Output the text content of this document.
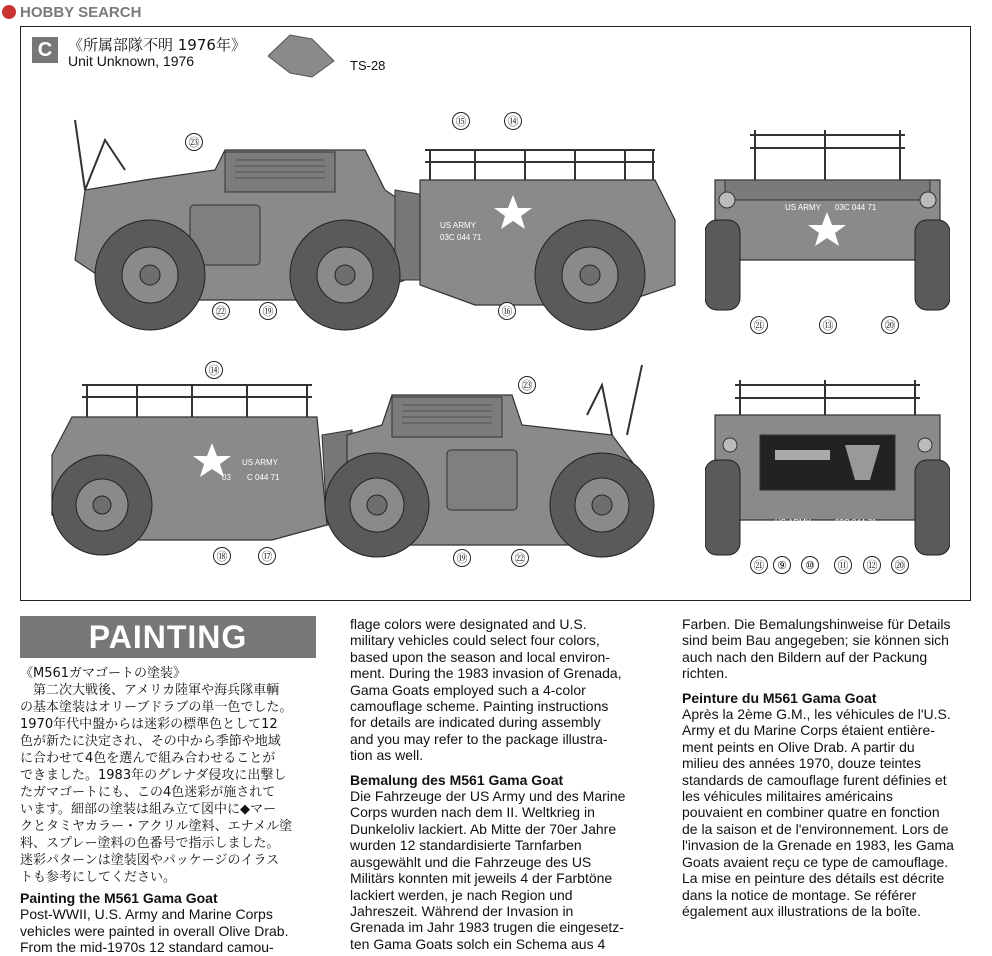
HOBBY SEARCH
C	《所属部隊不明 1976年》
Unit Unknown, 1976	TS-28
US ARMY
03C 044 71
㉓
⑮	⑭
㉒	⑲	⑯
US ARMY 03C 044 71
㉑	⑬	⑳
US ARMY
03 C 044 71
⑭
㉓
⑱	⑰	⑲	㉒
US ARMY	03C 044 71
㉑	⑨	⑩	⑪	⑫	⑳
PAINTING

《M561ガマゴートの塗装》

　第二次大戦後、アメリカ陸軍や海兵隊車輌
の基本塗装はオリーブドラブの単一色でした。
1970年代中盤からは迷彩の標準色として12
色が新たに決定され、その中から季節や地域
に合わせて4色を選んで組み合わせることが
できました。1983年のグレナダ侵攻に出撃し
たガマゴートにも、この4色迷彩が施されて
います。細部の塗装は組み立て図中に◆マー
クとタミヤカラー・アクリル塗料、エナメル塗
料、スプレー塗料の色番号で指示しました。
迷彩パターンは塗装図やパッケージのイラス
トも参考にしてください。

Painting the M561 Gama Goat

Post-WWII, U.S. Army and Marine Corps
vehicles were painted in overall Olive Drab.
From the mid-1970s 12 standard camou-
flage colors were designated and U.S.
military vehicles could select four colors,
based upon the season and local environ-
ment. During the 1983 invasion of Grenada,
Gama Goats employed such a 4-color
camouflage scheme. Painting instructions
for details are indicated during assembly
and you may refer to the package illustra-
tion as well.

Bemalung des M561 Gama Goat

Die Fahrzeuge der US Army und des Marine
Corps wurden nach dem II. Weltkrieg in
Dunkeloliv lackiert. Ab Mitte der 70er Jahre
wurden 12 standardisierte Tarnfarben
ausgewählt und die Fahrzeuge des US
Militärs konnten mit jeweils 4 der Farbtöne
lackiert werden, je nach Region und
Jahreszeit. Während der Invasion in
Grenada im Jahr 1983 trugen die eingesetz-
ten Gama Goats solch ein Schema aus 4
Farben. Die Bemalungshinweise für Details
sind beim Bau angegeben; sie können sich
auch nach den Bildern auf der Packung
richten.

Peinture du M561 Gama Goat

Après la 2ème G.M., les véhicules de l'U.S.
Army et du Marine Corps étaient entière-
ment peints en Olive Drab. A partir du
milieu des années 1970, douze teintes
standards de camouflage furent définies et
les véhicules militaires américains
pouvaient en combiner quatre en fonction
de la saison et de l'environnement. Lors de
l'invasion de la Grenade en 1983, les Gama
Goats avaient reçu ce type de camouflage.
La mise en peinture des détails est décrite
dans la notice de montage. Se référer
également aux illustrations de la boîte.
